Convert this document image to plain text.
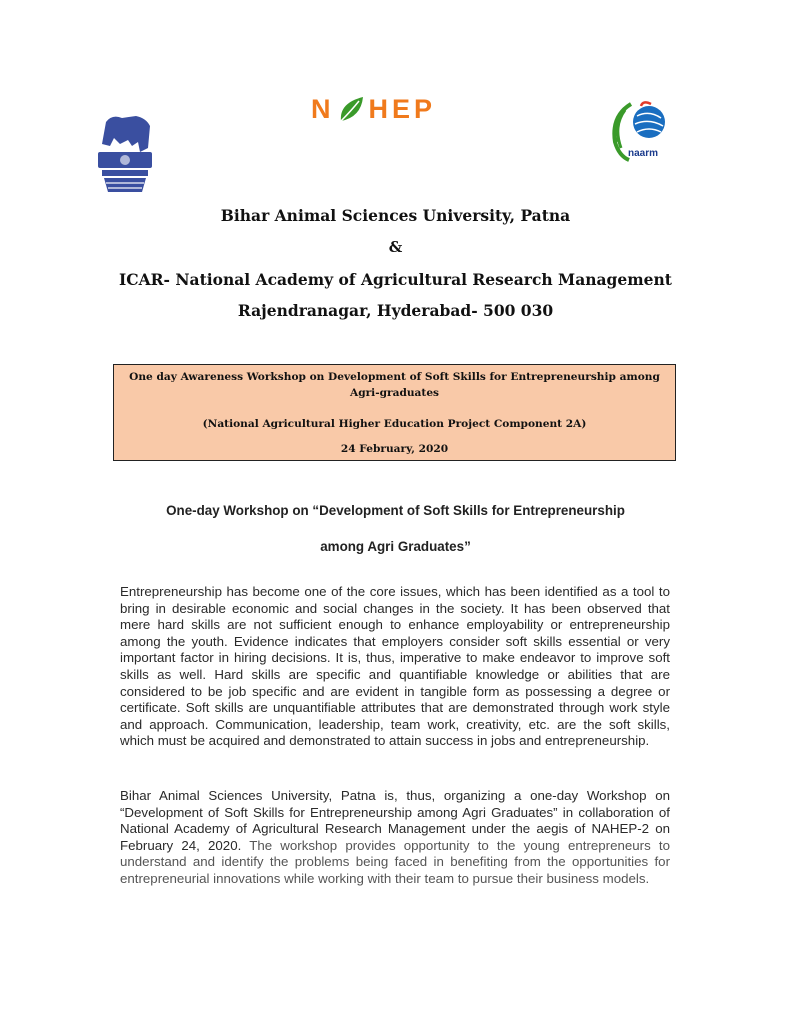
N HEP
naarm
Bihar Animal Sciences University, Patna
&
ICAR- National Academy of Agricultural Research Management
Rajendranagar, Hyderabad- 500 030
One day Awareness Workshop on Development of Soft Skills for Entrepreneurship among Agri-graduates
(National Agricultural Higher Education Project Component 2A)
24 February, 2020
One-day Workshop on “Development of Soft Skills for Entrepreneurship
among Agri Graduates”

Entrepreneurship has become one of the core issues, which has been identified as a tool to bring in desirable economic and social changes in the society. It has been observed that mere hard skills are not sufficient enough to enhance employability or entrepreneurship among the youth. Evidence indicates that employers consider soft skills essential or very important factor in hiring decisions. It is, thus, imperative to make endeavor to improve soft skills as well. Hard skills are specific and quantifiable knowledge or abilities that are considered to be job specific and are evident in tangible form as possessing a degree or certificate. Soft skills are unquantifiable attributes that are demonstrated through work style and approach. Communication, leadership, team work, creativity, etc. are the soft skills, which must be acquired and demonstrated to attain success in jobs and entrepreneurship.

Bihar Animal Sciences University, Patna is, thus, organizing a one-day Workshop on “Development of Soft Skills for Entrepreneurship among Agri Graduates” in collaboration of National Academy of Agricultural Research Management under the aegis of NAHEP-2 on February 24, 2020. The workshop provides opportunity to the young entrepreneurs to understand and identify the problems being faced in benefiting from the opportunities for entrepreneurial innovations while working with their team to pursue their business models.
